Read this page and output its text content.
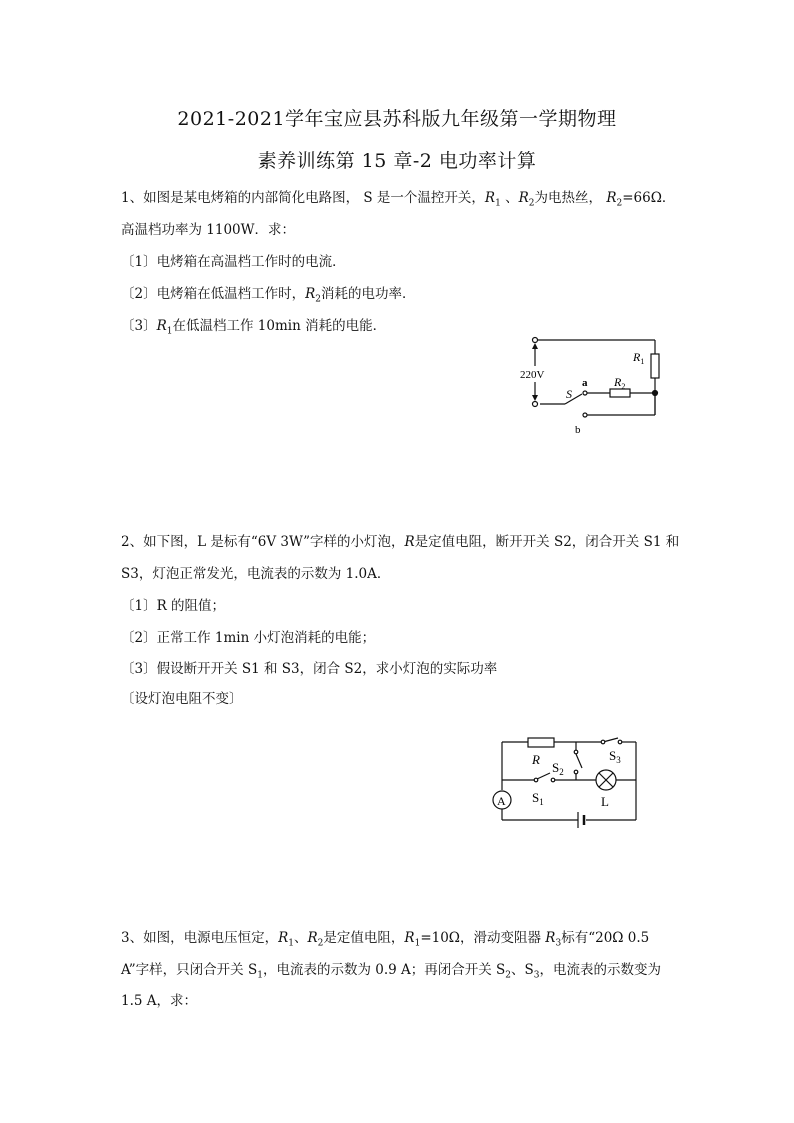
2021-2021学年宝应县苏科版九年级第一学期物理
素养训练第 15 章-2 电功率计算
1、如图是某电烤箱的内部简化电路图， S 是一个温控开关，$R_1$ 、$R_2$为电热丝， $R_2=66\Omega$．
高温档功率为 1100W．求：
〔1〕电烤箱在高温档工作时的电流．
〔2〕电烤箱在低温档工作时，$R_2$消耗的电功率．
〔3〕$R_1$在低温档工作 10min 消耗的电能．
220V
$R_1$
$R_2$
S
a
b
2、如下图，L 是标有“6V 3W”字样的小灯泡，R是定值电阻，断开开关 S2，闭合开关 S1 和
S3，灯泡正常发光，电流表的示数为 1.0A．
〔1〕R 的阻值；
〔2〕正常工作 1min 小灯泡消耗的电能；
〔3〕假设断开开关 S1 和 S3，闭合 S2，求小灯泡的实际功率
〔设灯泡电阻不变〕
R
$S_1$
$S_2$
$S_3$
L
A
3、如图，电源电压恒定，$R_1$、$R_2$是定值电阻，$R_1=10\Omega$，滑动变阻器 $R_3$标有“20Ω 0.5
A”字样，只闭合开关 $S_1$，电流表的示数为 0.9 A；再闭合开关 $S_2$、$S_3$，电流表的示数变为
1.5 A，求：
